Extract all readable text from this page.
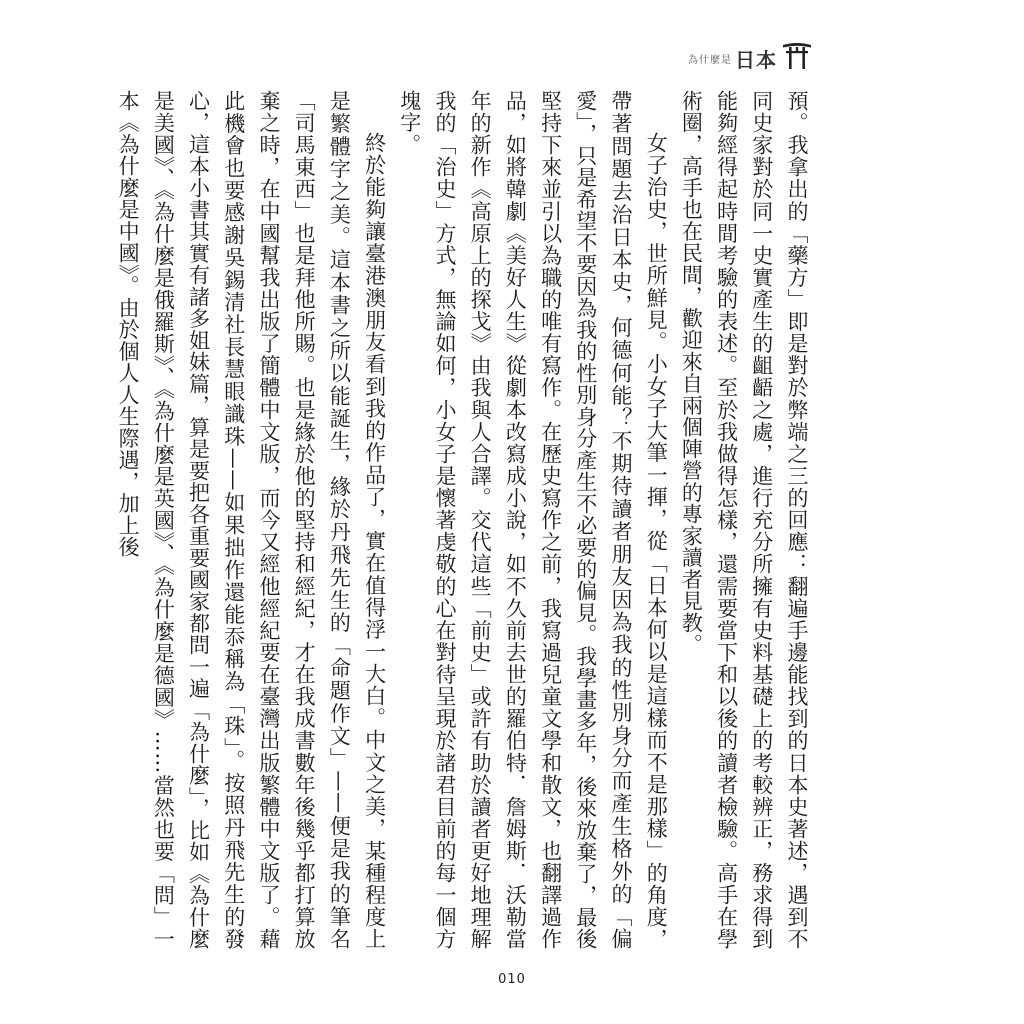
為什麼是 日本

預。我拿出的「藥方」即是對於弊端之三的回應：翻遍手邊能找到的日本史著述，遇到不同史家對於同一史實產生的齟齬之處，進行充分所擁有史料基礎上的考較辨正，務求得到能夠經得起時間考驗的表述。至於我做得怎樣，還需要當下和以後的讀者檢驗。高手在學術圈，高手也在民間，歡迎來自兩個陣營的專家讀者見教。

女子治史，世所鮮見。小女子大筆一揮，從「日本何以是這樣而不是那樣」的角度，帶著問題去治日本史，何德何能？不期待讀者朋友因為我的性別身分而產生格外的「偏愛」，只是希望不要因為我的性別身分產生不必要的偏見。我學畫多年，後來放棄了，最後堅持下來並引以為職的唯有寫作。在歷史寫作之前，我寫過兒童文學和散文，也翻譯過作品，如將韓劇《美好人生》從劇本改寫成小說，如不久前去世的羅伯特．詹姆斯．沃勒當年的新作《高原上的探戈》由我與人合譯。交代這些「前史」或許有助於讀者更好地理解我的「治史」方式，無論如何，小女子是懷著虔敬的心在對待呈現於諸君目前的每一個方塊字。

終於能夠讓臺港澳朋友看到我的作品了，實在值得浮一大白。中文之美，某種程度上是繁體字之美。這本書之所以能誕生，緣於丹飛先生的「命題作文」——便是我的筆名「司馬東西」也是拜他所賜。也是緣於他的堅持和經紀，才在我成書數年後幾乎都打算放棄之時，在中國幫我出版了簡體中文版，而今又經他經紀要在臺灣出版繁體中文版了。藉此機會也要感謝吳錫清社長慧眼識珠——如果拙作還能忝稱為「珠」。按照丹飛先生的發心，這本小書其實有諸多姐妹篇，算是要把各重要國家都問一遍「為什麼」，比如《為什麼是美國》、《為什麼是俄羅斯》、《為什麼是英國》、《為什麼是德國》……當然也要「問」一本《為什麼是中國》。由於個人人生際遇，加上後

010
